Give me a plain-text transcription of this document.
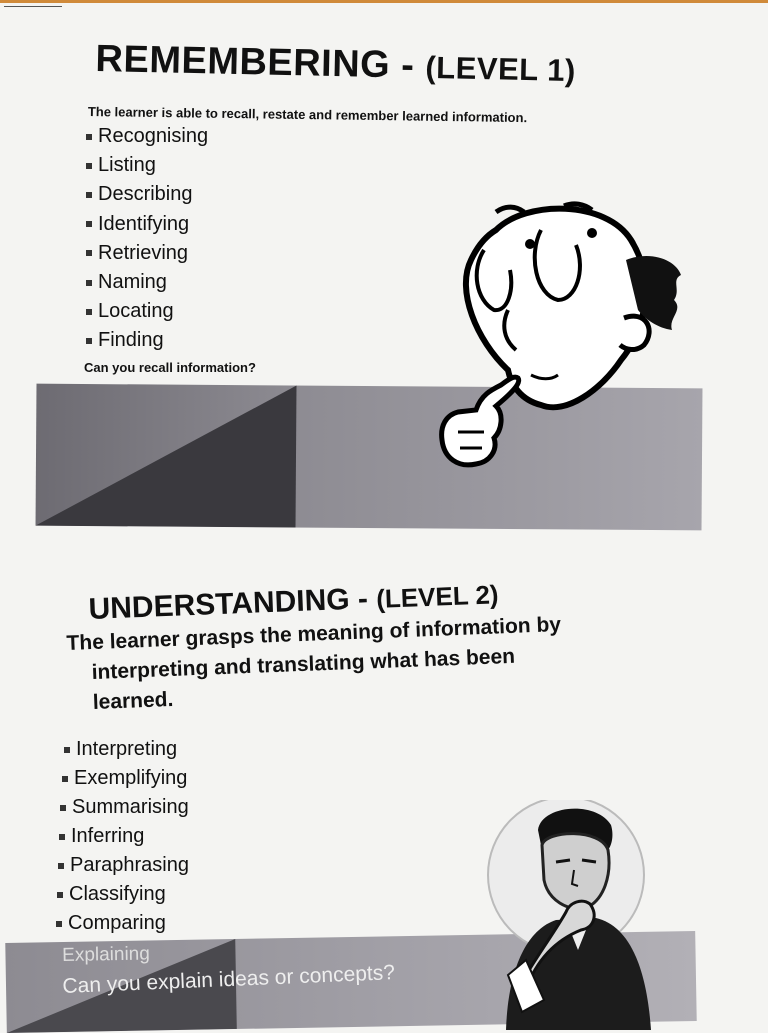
REMEMBERING - (LEVEL 1)
The learner is able to recall, restate and remember learned information.
Recognising
Listing
Describing
Identifying
Retrieving
Naming
Locating
Finding
Can you recall information?
UNDERSTANDING - (LEVEL 2)
The learner grasps the meaning of information by
interpreting and translating what has been
learned.
Interpreting
Exemplifying
Summarising
Inferring
Paraphrasing
Classifying
Comparing
Explaining
Can you explain ideas or concepts?
